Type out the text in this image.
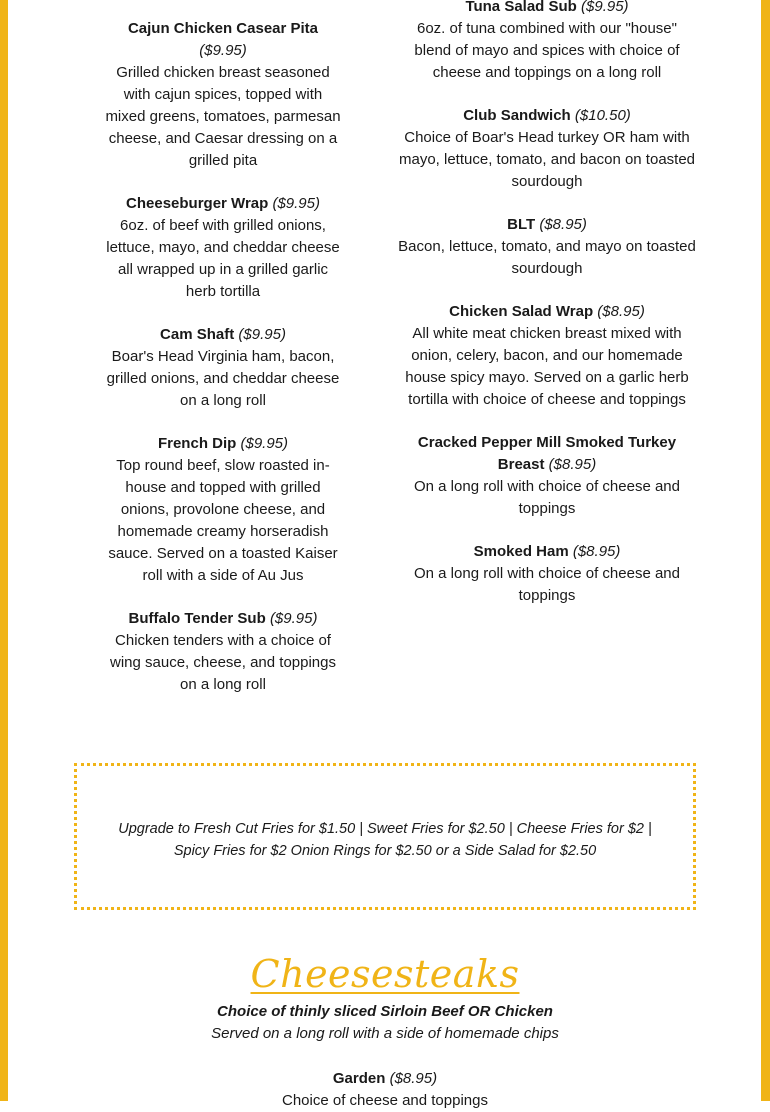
Cajun Chicken Casear Pita
($9.95)
Grilled chicken breast seasoned with cajun spices, topped with mixed greens, tomatoes, parmesan cheese, and Caesar dressing on a grilled pita
Cheeseburger Wrap ($9.95)
6oz. of beef with grilled onions, lettuce, mayo, and cheddar cheese all wrapped up in a grilled garlic herb tortilla
Cam Shaft ($9.95)
Boar's Head Virginia ham, bacon, grilled onions, and cheddar cheese on a long roll
French Dip ($9.95)
Top round beef, slow roasted in-house and topped with grilled onions, provolone cheese, and homemade creamy horseradish sauce. Served on a toasted Kaiser roll with a side of Au Jus
Buffalo Tender Sub ($9.95)
Chicken tenders with a choice of wing sauce, cheese, and toppings on a long roll
Tuna Salad Sub ($9.95)
6oz. of tuna combined with our "house" blend of mayo and spices with choice of cheese and toppings on a long roll
Club Sandwich ($10.50)
Choice of Boar's Head turkey OR ham with mayo, lettuce, tomato, and bacon on toasted sourdough
BLT ($8.95)
Bacon, lettuce, tomato, and mayo on toasted sourdough
Chicken Salad Wrap ($8.95)
All white meat chicken breast mixed with onion, celery, bacon, and our homemade house spicy mayo. Served on a garlic herb tortilla with choice of cheese and toppings
Cracked Pepper Mill Smoked Turkey Breast ($8.95)
On a long roll with choice of cheese and toppings
Smoked Ham ($8.95)
On a long roll with choice of cheese and toppings

Upgrade to Fresh Cut Fries for $1.50 | Sweet Fries for $2.50 | Cheese Fries for $2 | Spicy Fries for $2 Onion Rings for $2.50 or a Side Salad for $2.50

Cheesesteaks
Choice of thinly sliced Sirloin Beef OR Chicken
Served on a long roll with a side of homemade chips
Garden ($8.95)
Choice of cheese and toppings
